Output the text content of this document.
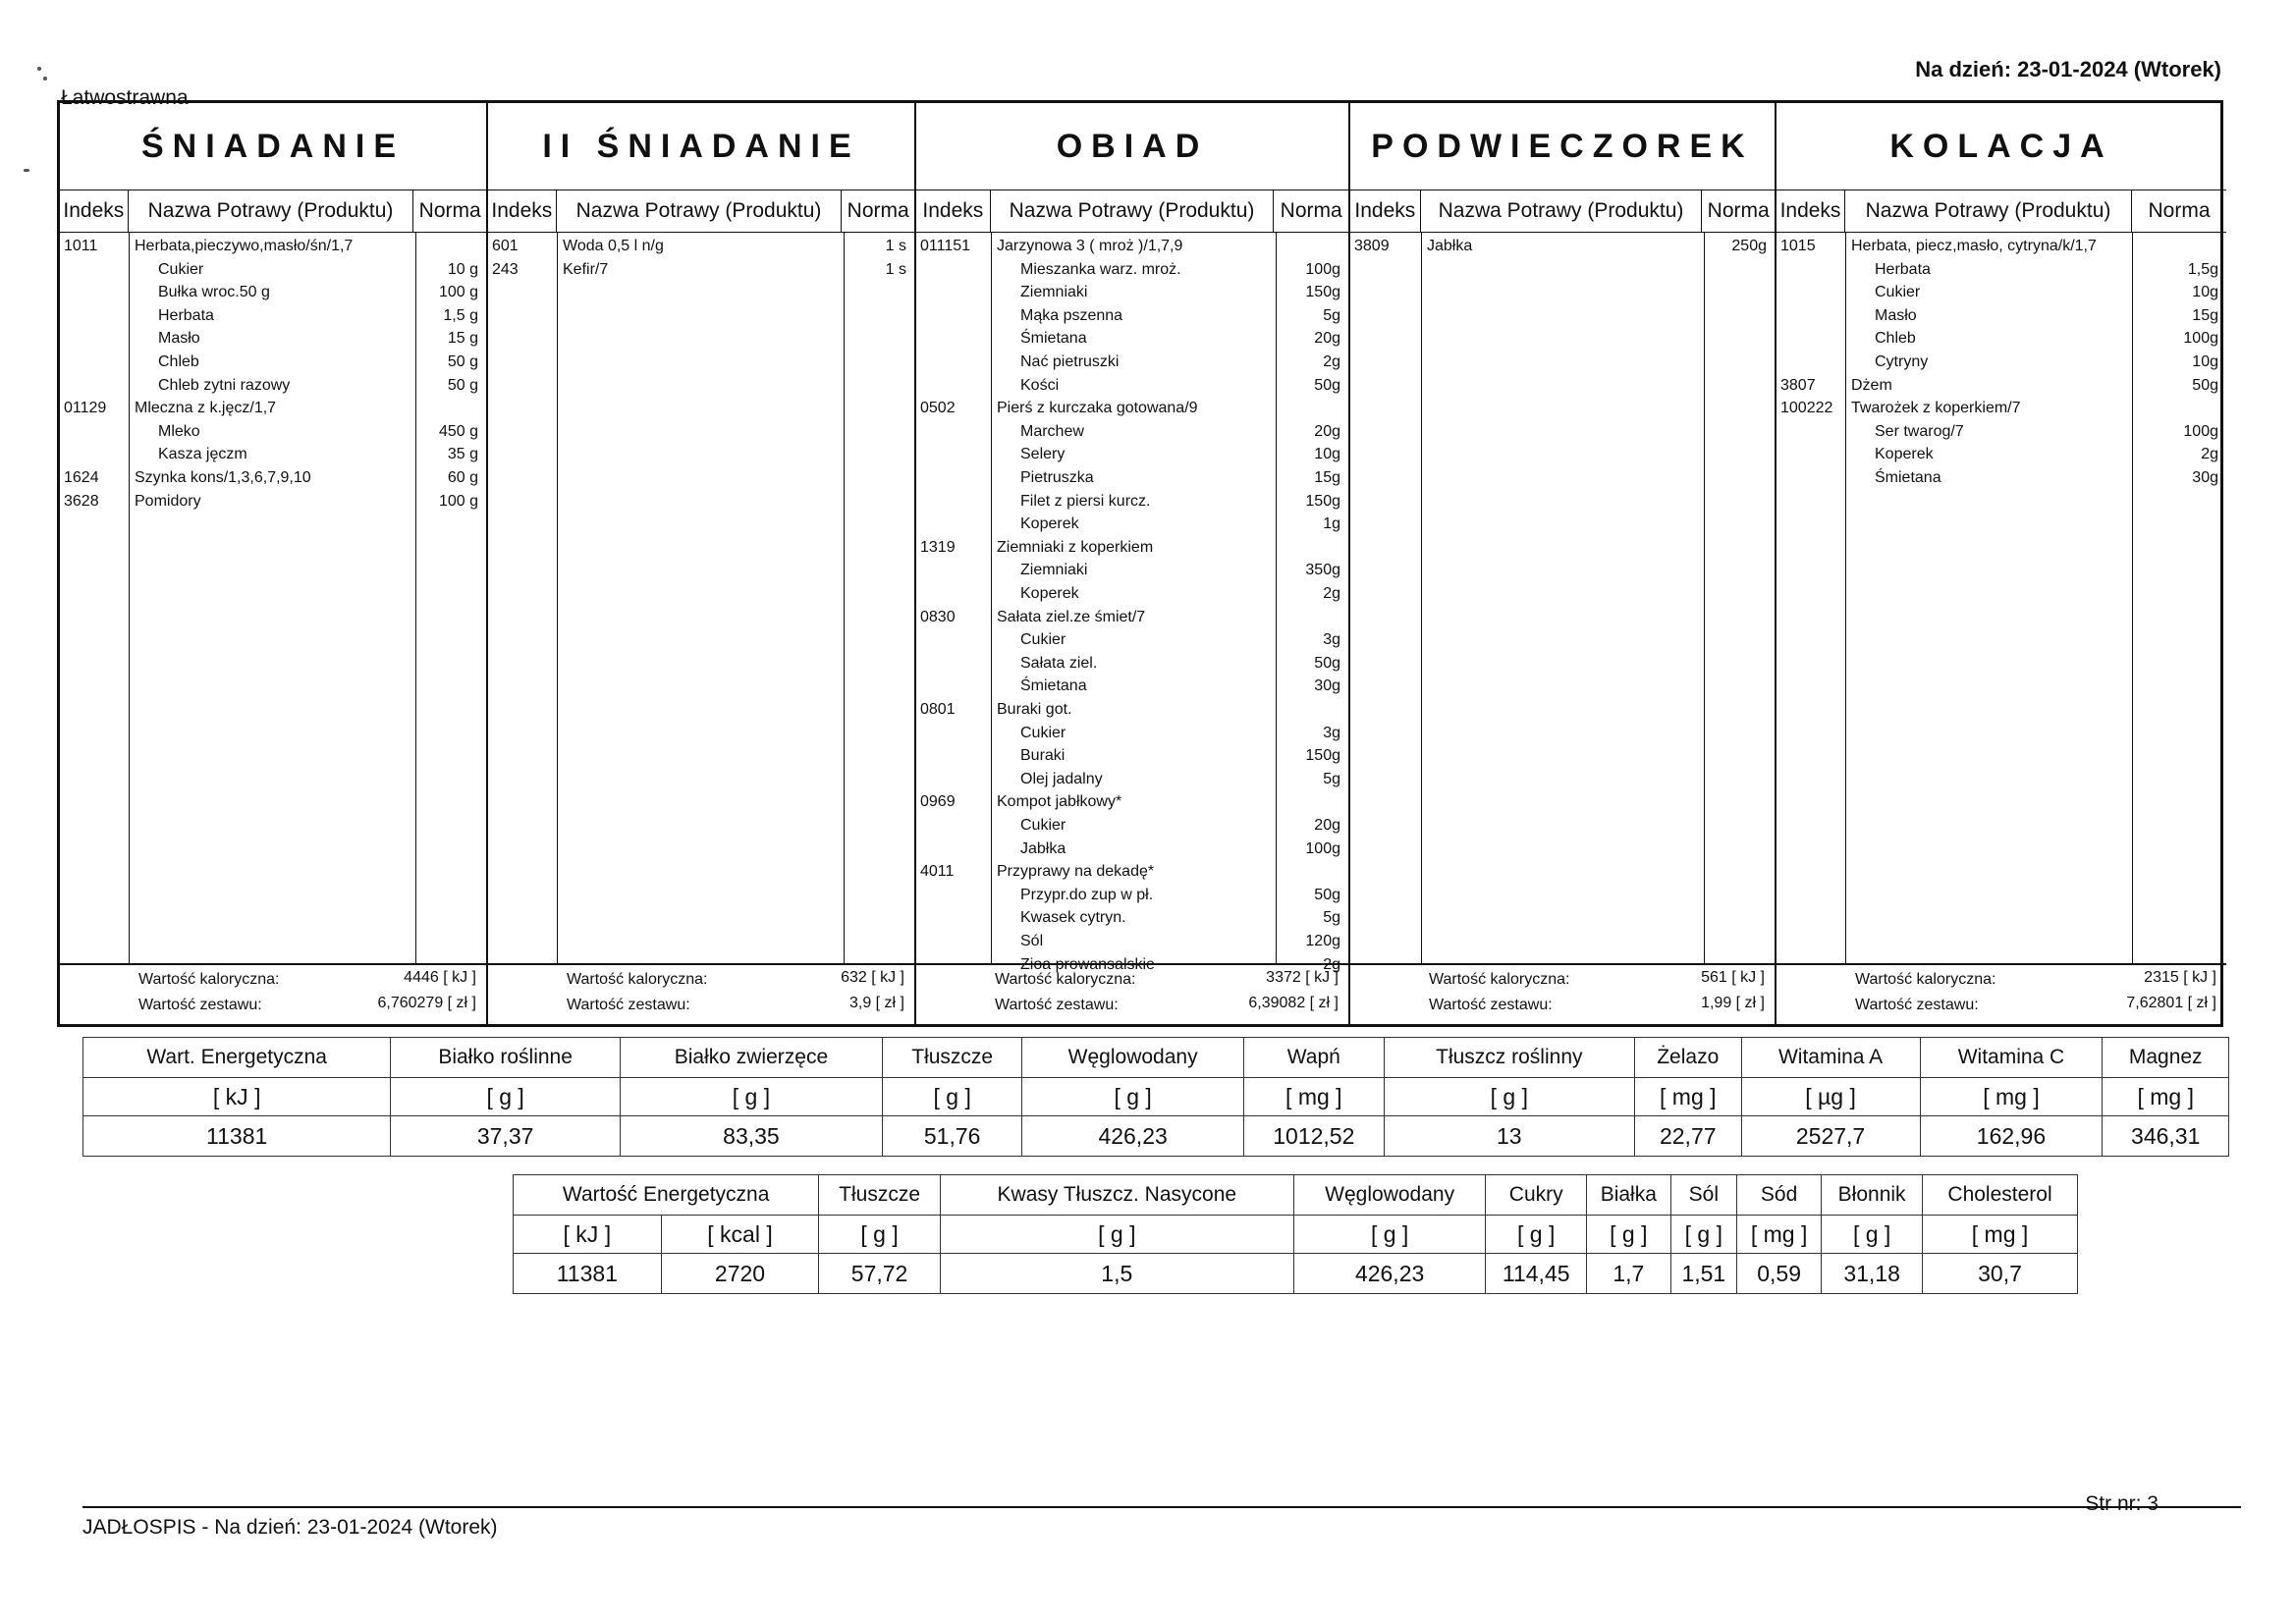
Łatwostrawna
Na dzień: 23-01-2024 (Wtorek)
ŚNIADANIE
Indeks	Nazwa Potrawy (Produktu)	Norma
1011 Herbata,pieczywo,masło/śn/1,7
Cukier	10 g
Bułka wroc.50 g	100 g
Herbata	1,5 g
Masło	15 g
Chleb	50 g
Chleb zytni razowy	50 g
01129 Mleczna z k.jęcz/1,7
Mleko	450 g
Kasza jęczm	35 g
1624 Szynka kons/1,3,6,7,9,10	60 g
3628 Pomidory	100 g
Wartość kaloryczna:
Wartość zestawu:
4446 [ kJ ]
6,760279 [ zł ]
II ŚNIADANIE
Indeks	Nazwa Potrawy (Produktu)	Norma
601	Woda 0,5 l n/g	1 s
243	Kefir/7	1 s
Wartość kaloryczna:
Wartość zestawu:
632 [ kJ ]
3,9 [ zł ]
OBIAD
Indeks	Nazwa Potrawy (Produktu)	Norma
011151 Jarzynowa 3 ( mroż )/1,7,9
Mieszanka warz. mroż.	100g
Ziemniaki	150g
Mąka pszenna	5g
Śmietana	20g
Nać pietruszki	2g
Kości	50g
0502	Pierś z kurczaka gotowana/9
Marchew	20g
Selery	10g
Pietruszka	15g
Filet z piersi kurcz.	150g
Koperek	1g
1319	Ziemniaki z koperkiem
Ziemniaki	350g
Koperek	2g
0830	Sałata ziel.ze śmiet/7
Cukier	3g
Sałata ziel.	50g
Śmietana	30g
0801	Buraki got.
Cukier	3g
Buraki	150g
Olej jadalny	5g
0969	Kompot jabłkowy*
Cukier	20g
Jabłka	100g
4011	Przyprawy na dekadę*
Przypr.do zup w pł.	50g
Kwasek cytryn.	5g
Sól	120g
Zioa prowansalskie	2g
Wartość kaloryczna:
Wartość zestawu:
3372 [ kJ ]
6,39082 [ zł ]
PODWIECZOREK
Indeks	Nazwa Potrawy (Produktu)	Norma
3809 Jabłka	250g
Wartość kaloryczna:
Wartość zestawu:
561 [ kJ ]
1,99 [ zł ]
KOLACJA
Indeks	Nazwa Potrawy (Produktu)	Norma
1015 Herbata, piecz,masło, cytryna/k/1,7
Herbata	1,5g
Cukier	10g
Masło	15g
Chleb	100g
Cytryny	10g
3807 Dżem	50g
100222 Twarożek z koperkiem/7
Ser twarog/7	100g
Koperek	2g
Śmietana	30g
Wartość kaloryczna:
Wartość zestawu:
2315 [ kJ ]
7,62801 [ zł ]
Wart. Energetyczna	Białko roślinne	Białko zwierzęce	Tłuszcze	Węglowodany	Wapń	Tłuszcz roślinny	Żelazo	Witamina A	Witamina C	Magnez
[ kJ ]	[ g ]	[ g ]	[ g ]	[ g ]	[ mg ]	[ g ]	[ mg ]	[ µg ]	[ mg ]	[ mg ]
11381	37,37	83,35	51,76	426,23	1012,52	13	22,77	2527,7	162,96	346,31
Wartość Energetyczna		Tłuszcze	Kwasy Tłuszcz. Nasycone	Węglowodany	Cukry	Białka	Sól	Sód	Błonnik	Cholesterol
[ kJ ]	[ kcal ]	[ g ]	[ g ]	[ g ]	[ g ]	[ g ]	[ g ]	[ mg ]	[ g ]	[ mg ]
11381	2720	57,72	1,5	426,23	114,45	1,7	1,51	0,59	31,18	30,7
JADŁOSPIS - Na dzień: 23-01-2024 (Wtorek)
Str nr: 3
